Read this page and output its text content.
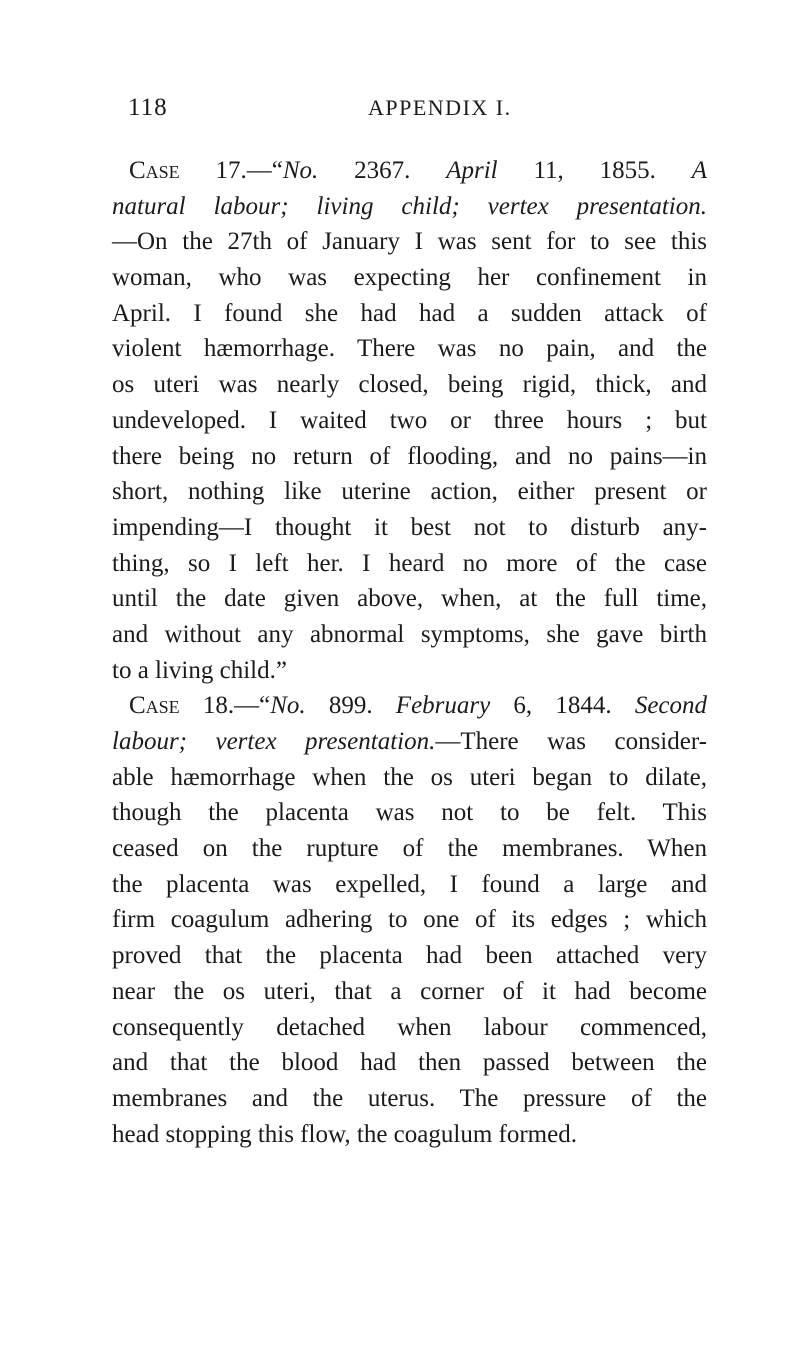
118	APPENDIX I.
Case 17.—“No. 2367. April 11, 1855. A
natural labour; living child; vertex presentation.
—On the 27th of January I was sent for to see this
woman, who was expecting her confinement in
April. I found she had had a sudden attack of
violent hæmorrhage. There was no pain, and the
os uteri was nearly closed, being rigid, thick, and
undeveloped. I waited two or three hours ; but
there being no return of flooding, and no pains—in
short, nothing like uterine action, either present or
impending—I thought it best not to disturb any-
thing, so I left her. I heard no more of the case
until the date given above, when, at the full time,
and without any abnormal symptoms, she gave birth
to a living child.”
Case 18.—“No. 899. February 6, 1844. Second
labour; vertex presentation.—There was consider-
able hæmorrhage when the os uteri began to dilate,
though the placenta was not to be felt. This
ceased on the rupture of the membranes. When
the placenta was expelled, I found a large and
firm coagulum adhering to one of its edges ; which
proved that the placenta had been attached very
near the os uteri, that a corner of it had become
consequently detached when labour commenced,
and that the blood had then passed between the
membranes and the uterus. The pressure of the
head stopping this flow, the coagulum formed.
